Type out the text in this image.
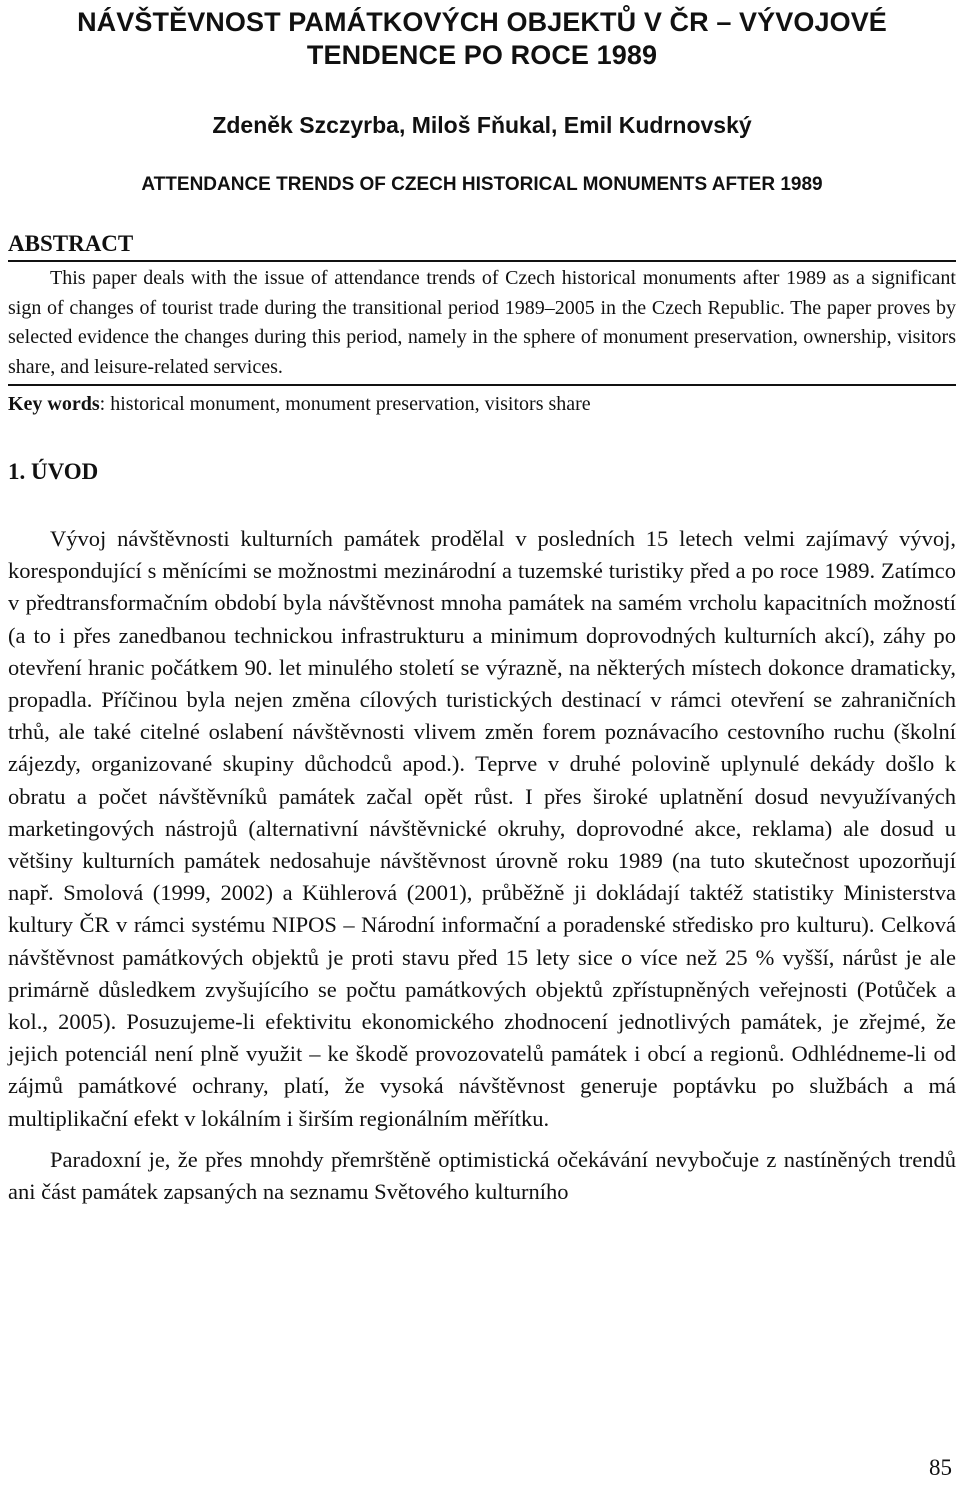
NÁVŠTĚVNOST PAMÁTKOVÝCH OBJEKTŮ V ČR – VÝVOJOVÉ TENDENCE PO ROCE 1989
Zdeněk Szczyrba, Miloš Fňukal, Emil Kudrnovský
ATTENDANCE TRENDS OF CZECH HISTORICAL MONUMENTS AFTER 1989
ABSTRACT

This paper deals with the issue of attendance trends of Czech historical monuments after 1989 as a significant sign of changes of tourist trade during the transitional period 1989–2005 in the Czech Republic. The paper proves by selected evidence the changes during this period, namely in the sphere of monument preservation, ownership, visitors share, and leisure-related services.

Key words: historical monument, monument preservation, visitors share
1. ÚVOD

Vývoj návštěvnosti kulturních památek prodělal v posledních 15 letech velmi zajímavý vývoj, korespondující s měnícími se možnostmi mezinárodní a tuzemské turistiky před a po roce 1989. Zatímco v předtransformačním období byla návštěvnost mnoha památek na samém vrcholu kapacitních možností (a to i přes zanedbanou technickou infrastrukturu a minimum doprovodných kulturních akcí), záhy po otevření hranic počátkem 90. let minulého století se výrazně, na některých místech dokonce dramaticky, propadla. Příčinou byla nejen změna cílových turistických destinací v rámci otevření se zahraničních trhů, ale také citelné oslabení návštěvnosti vlivem změn forem poznávacího cestovního ruchu (školní zájezdy, organizované skupiny důchodců apod.). Teprve v druhé polovině uplynulé dekády došlo k obratu a počet návštěvníků památek začal opět růst. I přes široké uplatnění dosud nevyužívaných marketingových nástrojů (alternativní návštěvnické okruhy, doprovodné akce, reklama) ale dosud u většiny kulturních památek nedosahuje návštěvnost úrovně roku 1989 (na tuto skutečnost upozorňují např. Smolová (1999, 2002) a Kühlerová (2001), průběžně ji dokládají taktéž statistiky Ministerstva kultury ČR v rámci systému NIPOS – Národní informační a poradenské středisko pro kulturu). Celková návštěvnost památkových objektů je proti stavu před 15 lety sice o více než 25 % vyšší, nárůst je ale primárně důsledkem zvyšujícího se počtu památkových objektů zpřístupněných veřejnosti (Potůček a kol., 2005). Posuzujeme-li efektivitu ekonomického zhodnocení jednotlivých památek, je zřejmé, že jejich potenciál není plně využit – ke škodě provozovatelů památek i obcí a regionů. Odhlédneme-li od zájmů památkové ochrany, platí, že vysoká návštěvnost generuje poptávku po službách a má multiplikační efekt v lokálním i širším regionálním měřítku.

Paradoxní je, že přes mnohdy přemrštěně optimistická očekávání nevybočuje z nastíněných trendů ani část památek zapsaných na seznamu Světového kulturního

85
